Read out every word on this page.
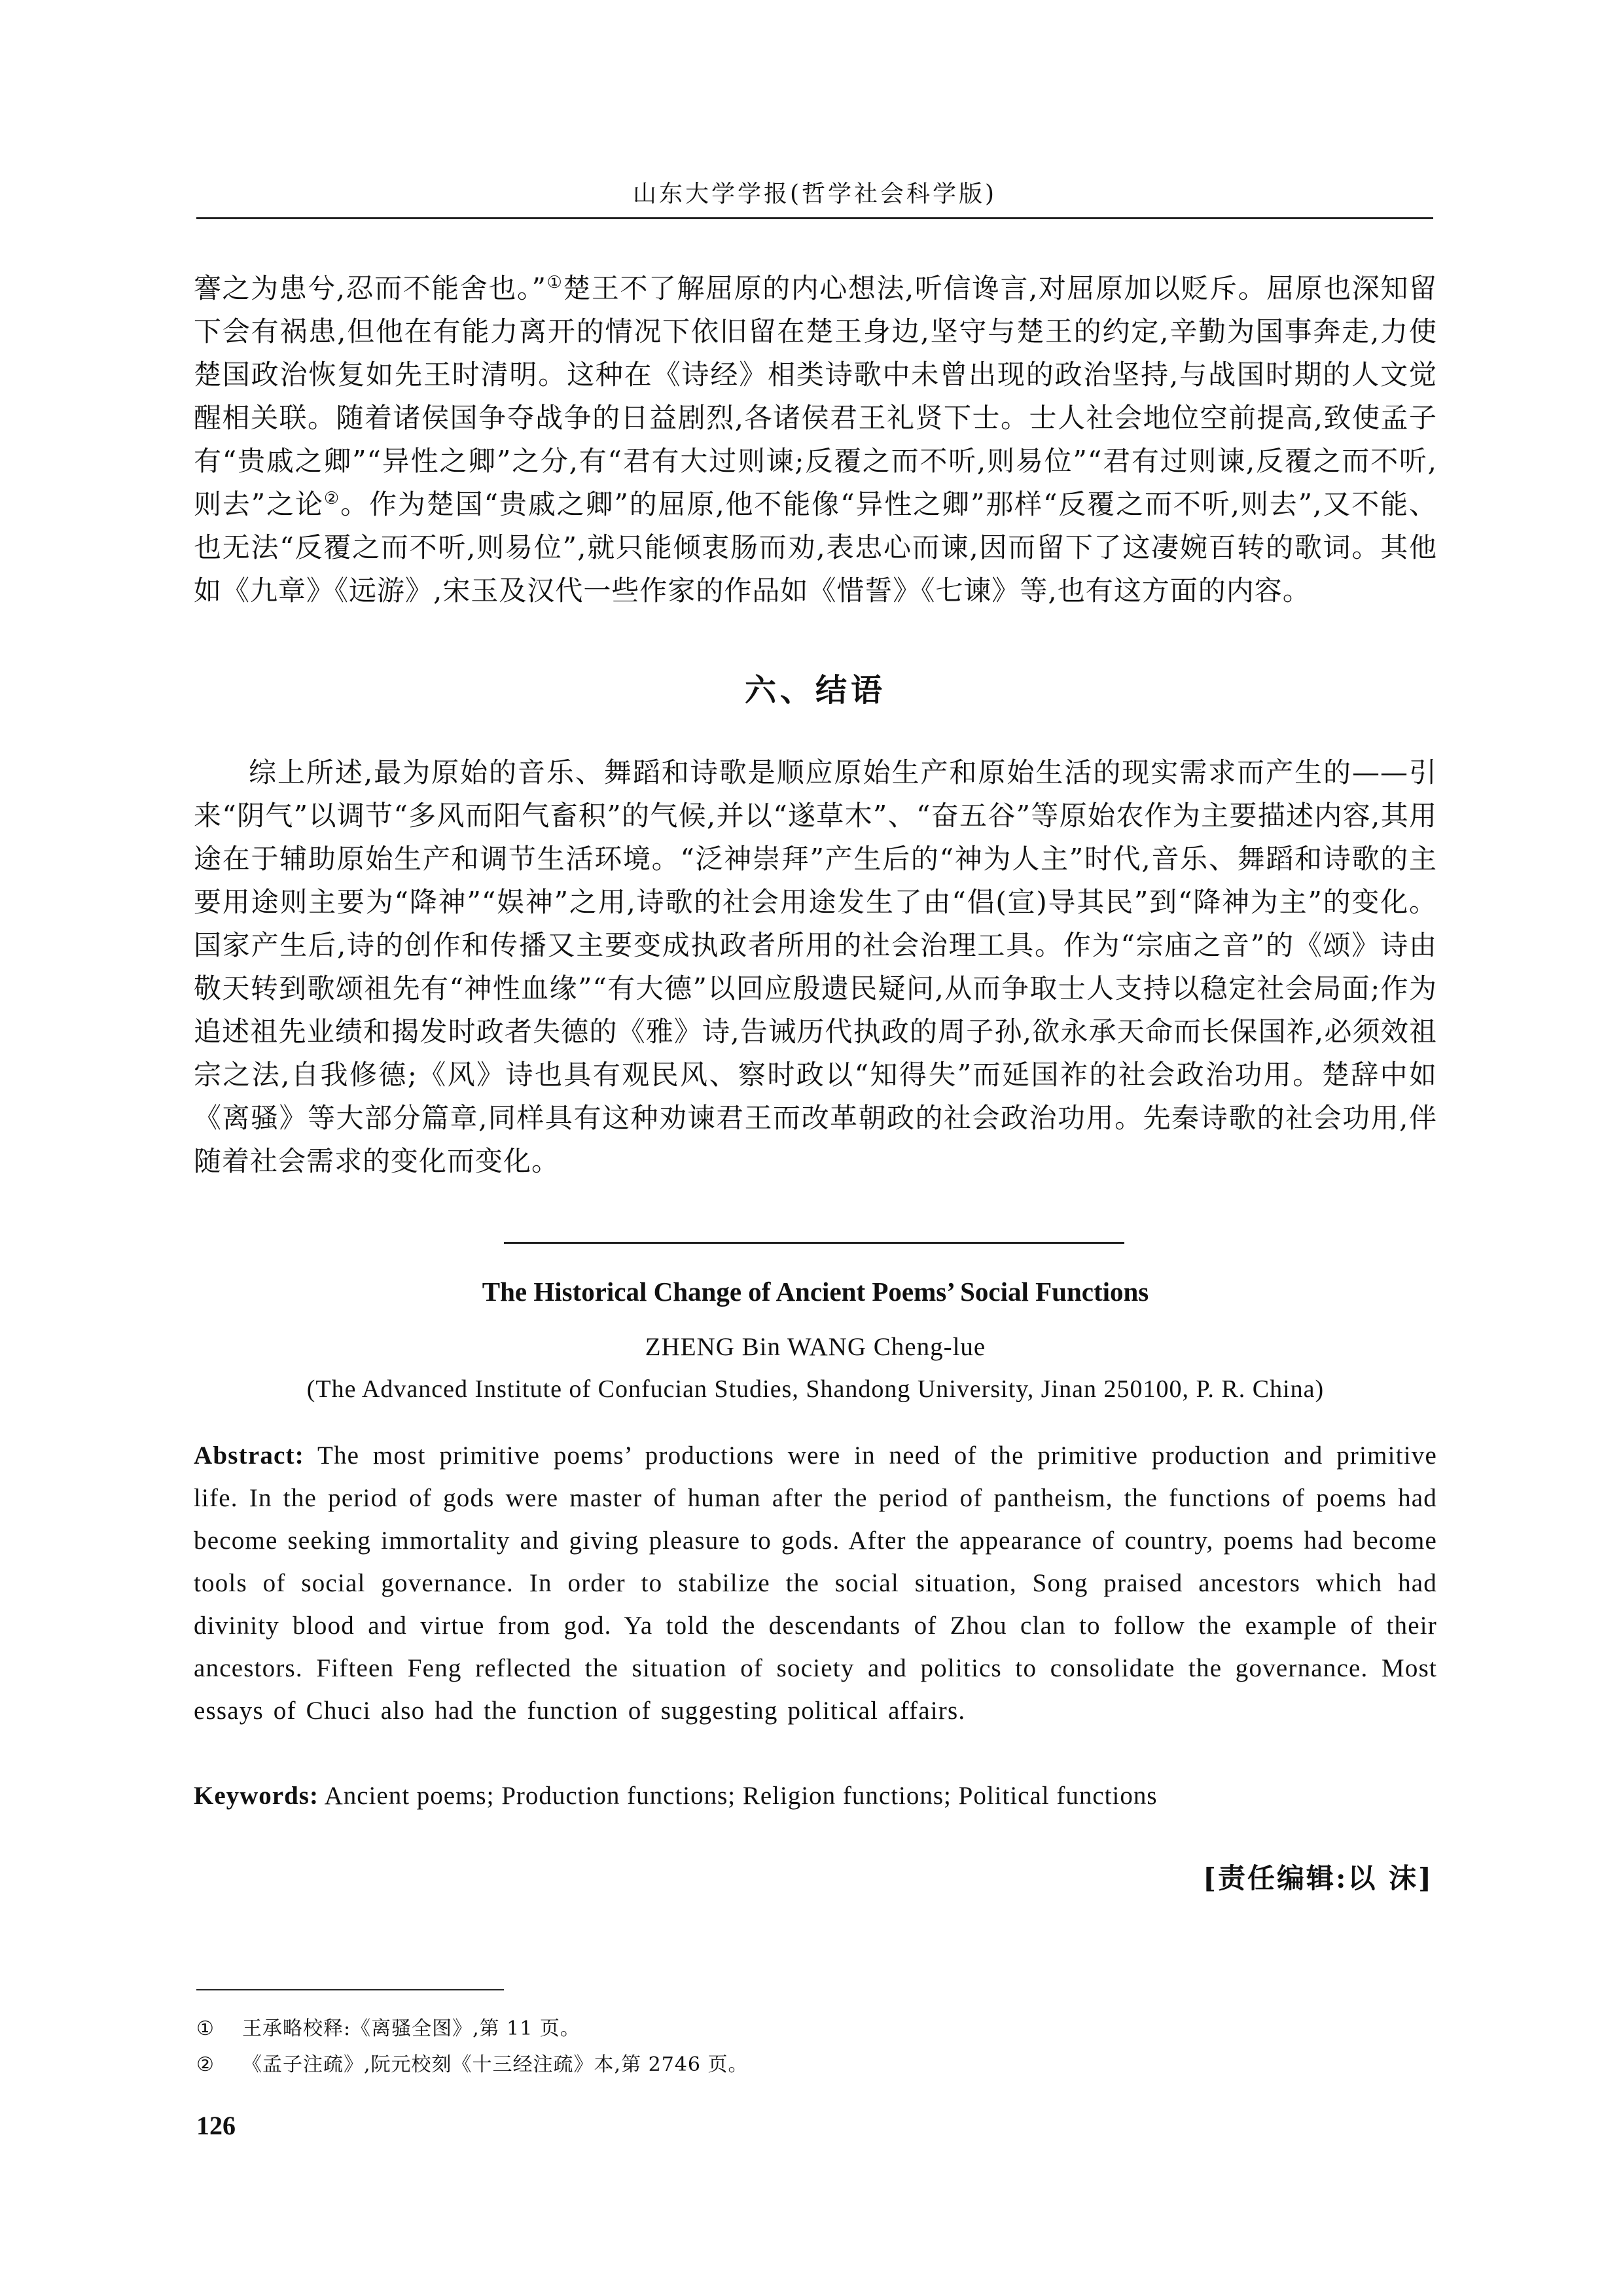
山东大学学报(哲学社会科学版)

謇之为患兮,忍而不能舍也。”①楚王不了解屈原的内心想法,听信谗言,对屈原加以贬斥。屈原也深知留下会有祸患,但他在有能力离开的情况下依旧留在楚王身边,坚守与楚王的约定,辛勤为国事奔走,力使楚国政治恢复如先王时清明。这种在《诗经》相类诗歌中未曾出现的政治坚持,与战国时期的人文觉醒相关联。随着诸侯国争夺战争的日益剧烈,各诸侯君王礼贤下士。士人社会地位空前提高,致使孟子有“贵戚之卿”“异性之卿”之分,有“君有大过则谏;反覆之而不听,则易位”“君有过则谏,反覆之而不听,则去”之论②。作为楚国“贵戚之卿”的屈原,他不能像“异性之卿”那样“反覆之而不听,则去”,又不能、也无法“反覆之而不听,则易位”,就只能倾衷肠而劝,表忠心而谏,因而留下了这凄婉百转的歌词。其他如《九章》《远游》,宋玉及汉代一些作家的作品如《惜誓》《七谏》等,也有这方面的内容。

六、结语

综上所述,最为原始的音乐、舞蹈和诗歌是顺应原始生产和原始生活的现实需求而产生的——引来“阴气”以调节“多风而阳气畜积”的气候,并以“遂草木”、“奋五谷”等原始农作为主要描述内容,其用途在于辅助原始生产和调节生活环境。“泛神崇拜”产生后的“神为人主”时代,音乐、舞蹈和诗歌的主要用途则主要为“降神”“娱神”之用,诗歌的社会用途发生了由“倡(宣)导其民”到“降神为主”的变化。国家产生后,诗的创作和传播又主要变成执政者所用的社会治理工具。作为“宗庙之音”的《颂》诗由敬天转到歌颂祖先有“神性血缘”“有大德”以回应殷遗民疑问,从而争取士人支持以稳定社会局面;作为追述祖先业绩和揭发时政者失德的《雅》诗,告诫历代执政的周子孙,欲永承天命而长保国祚,必须效祖宗之法,自我修德;《风》诗也具有观民风、察时政以“知得失”而延国祚的社会政治功用。楚辞中如《离骚》等大部分篇章,同样具有这种劝谏君王而改革朝政的社会政治功用。先秦诗歌的社会功用,伴随着社会需求的变化而变化。

The Historical Change of Ancient Poems’ Social Functions
ZHENG Bin WANG Cheng-lue
(The Advanced Institute of Confucian Studies, Shandong University, Jinan 250100, P. R. China)

Abstract: The most primitive poems’ productions were in need of the primitive production and primitive life. In the period of gods were master of human after the period of pantheism, the functions of poems had become seeking immortality and giving pleasure to gods. After the appearance of country, poems had become tools of social governance. In order to stabilize the social situation, Song praised ancestors which had divinity blood and virtue from god. Ya told the descendants of Zhou clan to follow the example of their ancestors. Fifteen Feng reflected the situation of society and politics to consolidate the governance. Most essays of Chuci also had the function of suggesting political affairs.

Keywords: Ancient poems; Production functions; Religion functions; Political functions

[责任编辑:以 沫]
① 王承略校释:《离骚全图》,第 11 页。
② 《孟子注疏》,阮元校刻《十三经注疏》本,第 2746 页。
126
